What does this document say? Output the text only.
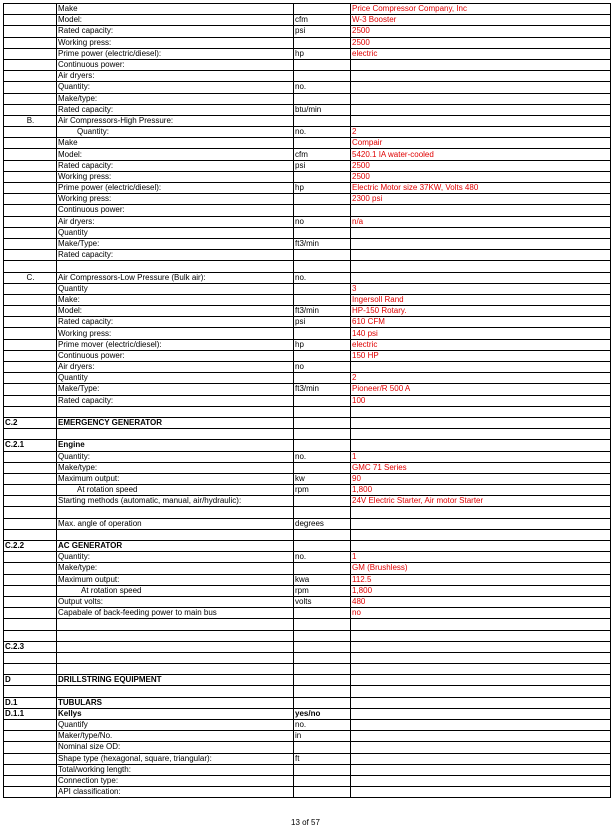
	Make		Price Compressor Company, Inc
	Model:	cfm	W-3 Booster
	Rated capacity:	psi	2500
	Working press:		2500
	Prime power (electric/diesel):	hp	electric
	Continuous power:		
	Air dryers:		
	Quantity:	no.	
	Make/type:		
	Rated capacity:	btu/min	
B.	Air Compressors-High Pressure:		
	Quantity:	no.	2
	Make		Compair
	Model:	cfm	5420.1 IA water-cooled
	Rated capacity:	psi	2500
	Working press:		2500
	Prime power (electric/diesel):	hp	Electric Motor size 37KW, Volts 480
	Working press:		2300 psi
	Continuous power:		
	Air dryers:	no	n/a
	Quantity		
	Make/Type:	ft3/min	
	Rated capacity:		

C.	Air Compressors-Low Pressure (Bulk air):	no.	
	Quantity		3
	Make:		Ingersoll Rand
	Model:	ft3/min	HP-150 Rotary.
	Rated capacity:	psi	610 CFM
	Working press:		140 psi
	Prime mover (electric/diesel):	hp	electric
	Continuous power:		150 HP
	Air dryers:	no	
	Quantity		2
	Make/Type:	ft3/min	Pioneer/R 500 A
	Rated capacity:		100

C.2	EMERGENCY GENERATOR		

C.2.1	Engine		
	Quantity:	no.	1
	Make/type:		GMC 71 Series
	Maximum output:	kw	90
	At rotation speed	rpm	1,800
	Starting methods (automatic, manual, air/hydraulic):		24V Electric Starter, Air motor Starter

	Max. angle of operation	degrees	

C.2.2	AC GENERATOR		
	Quantity:	no.	1
	Make/type:		GM (Brushless)
	Maximum output:	kwa	112.5
	At rotation speed	rpm	1,800
	Output volts:	volts	480
	Capabale of back-feeding power to main bus		no

C.2.3			

D	DRILLSTRING EQUIPMENT		

D.1	TUBULARS		
D.1.1	Kellys	yes/no	
	Quantify	no.	
	Maker/type/No.	in	
	Nominal size OD:		
	Shape type (hexagonal, square, triangular):	ft	
	Total/working length:		
	Connection type:		
	API classification:		
13 of 57
